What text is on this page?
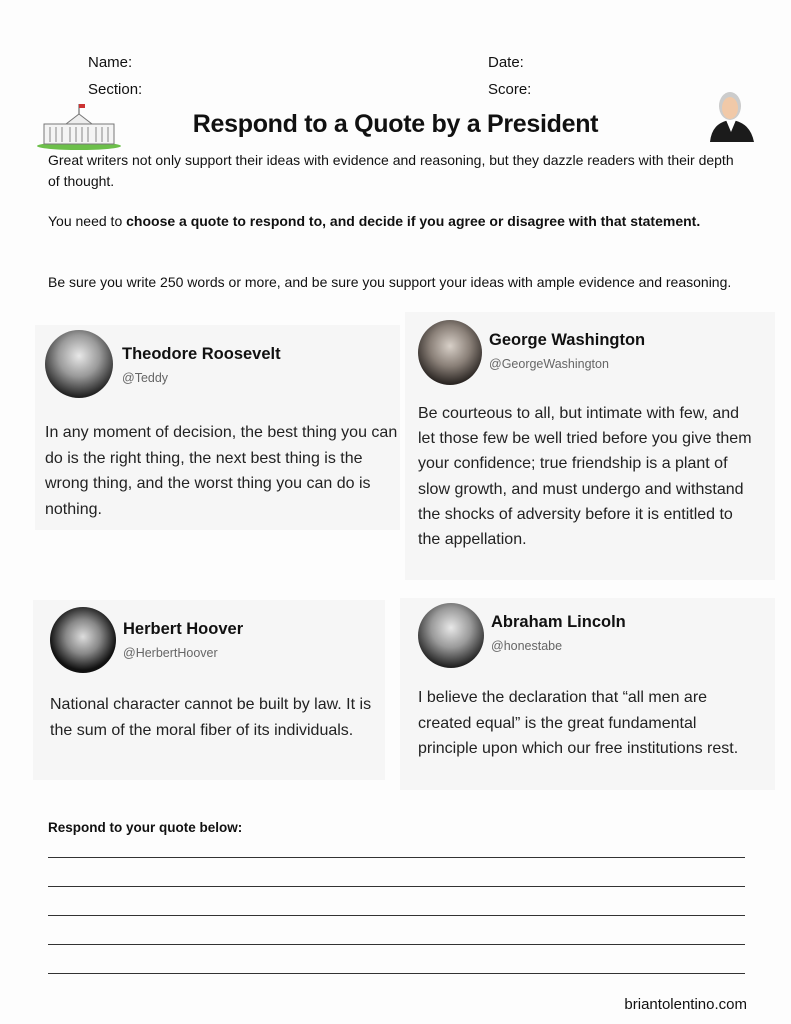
Name:	Date:
Section:	Score:
Respond to a Quote by a President

Great writers not only support their ideas with evidence and reasoning, but they dazzle readers with their depth of thought.

You need to choose a quote to respond to, and decide if you agree or disagree with that statement.

Be sure you write 250 words or more, and be sure you support your ideas with ample evidence and reasoning.

Theodore Roosevelt
@Teddy
In any moment of decision, the best thing you can do is the right thing, the next best thing is the wrong thing, and the worst thing you can do is nothing.
George Washington
@GeorgeWashington
Be courteous to all, but intimate with few, and let those few be well tried before you give them your confidence; true friendship is a plant of slow growth, and must undergo and withstand the shocks of adversity before it is entitled to the appellation.
Herbert Hoover
@HerbertHoover
National character cannot be built by law. It is the sum of the moral fiber of its individuals.
Abraham Lincoln
@honestabe
I believe the declaration that “all men are created equal” is the great fundamental principle upon which our free institutions rest.
Respond to your quote below:
briantolentino.com
